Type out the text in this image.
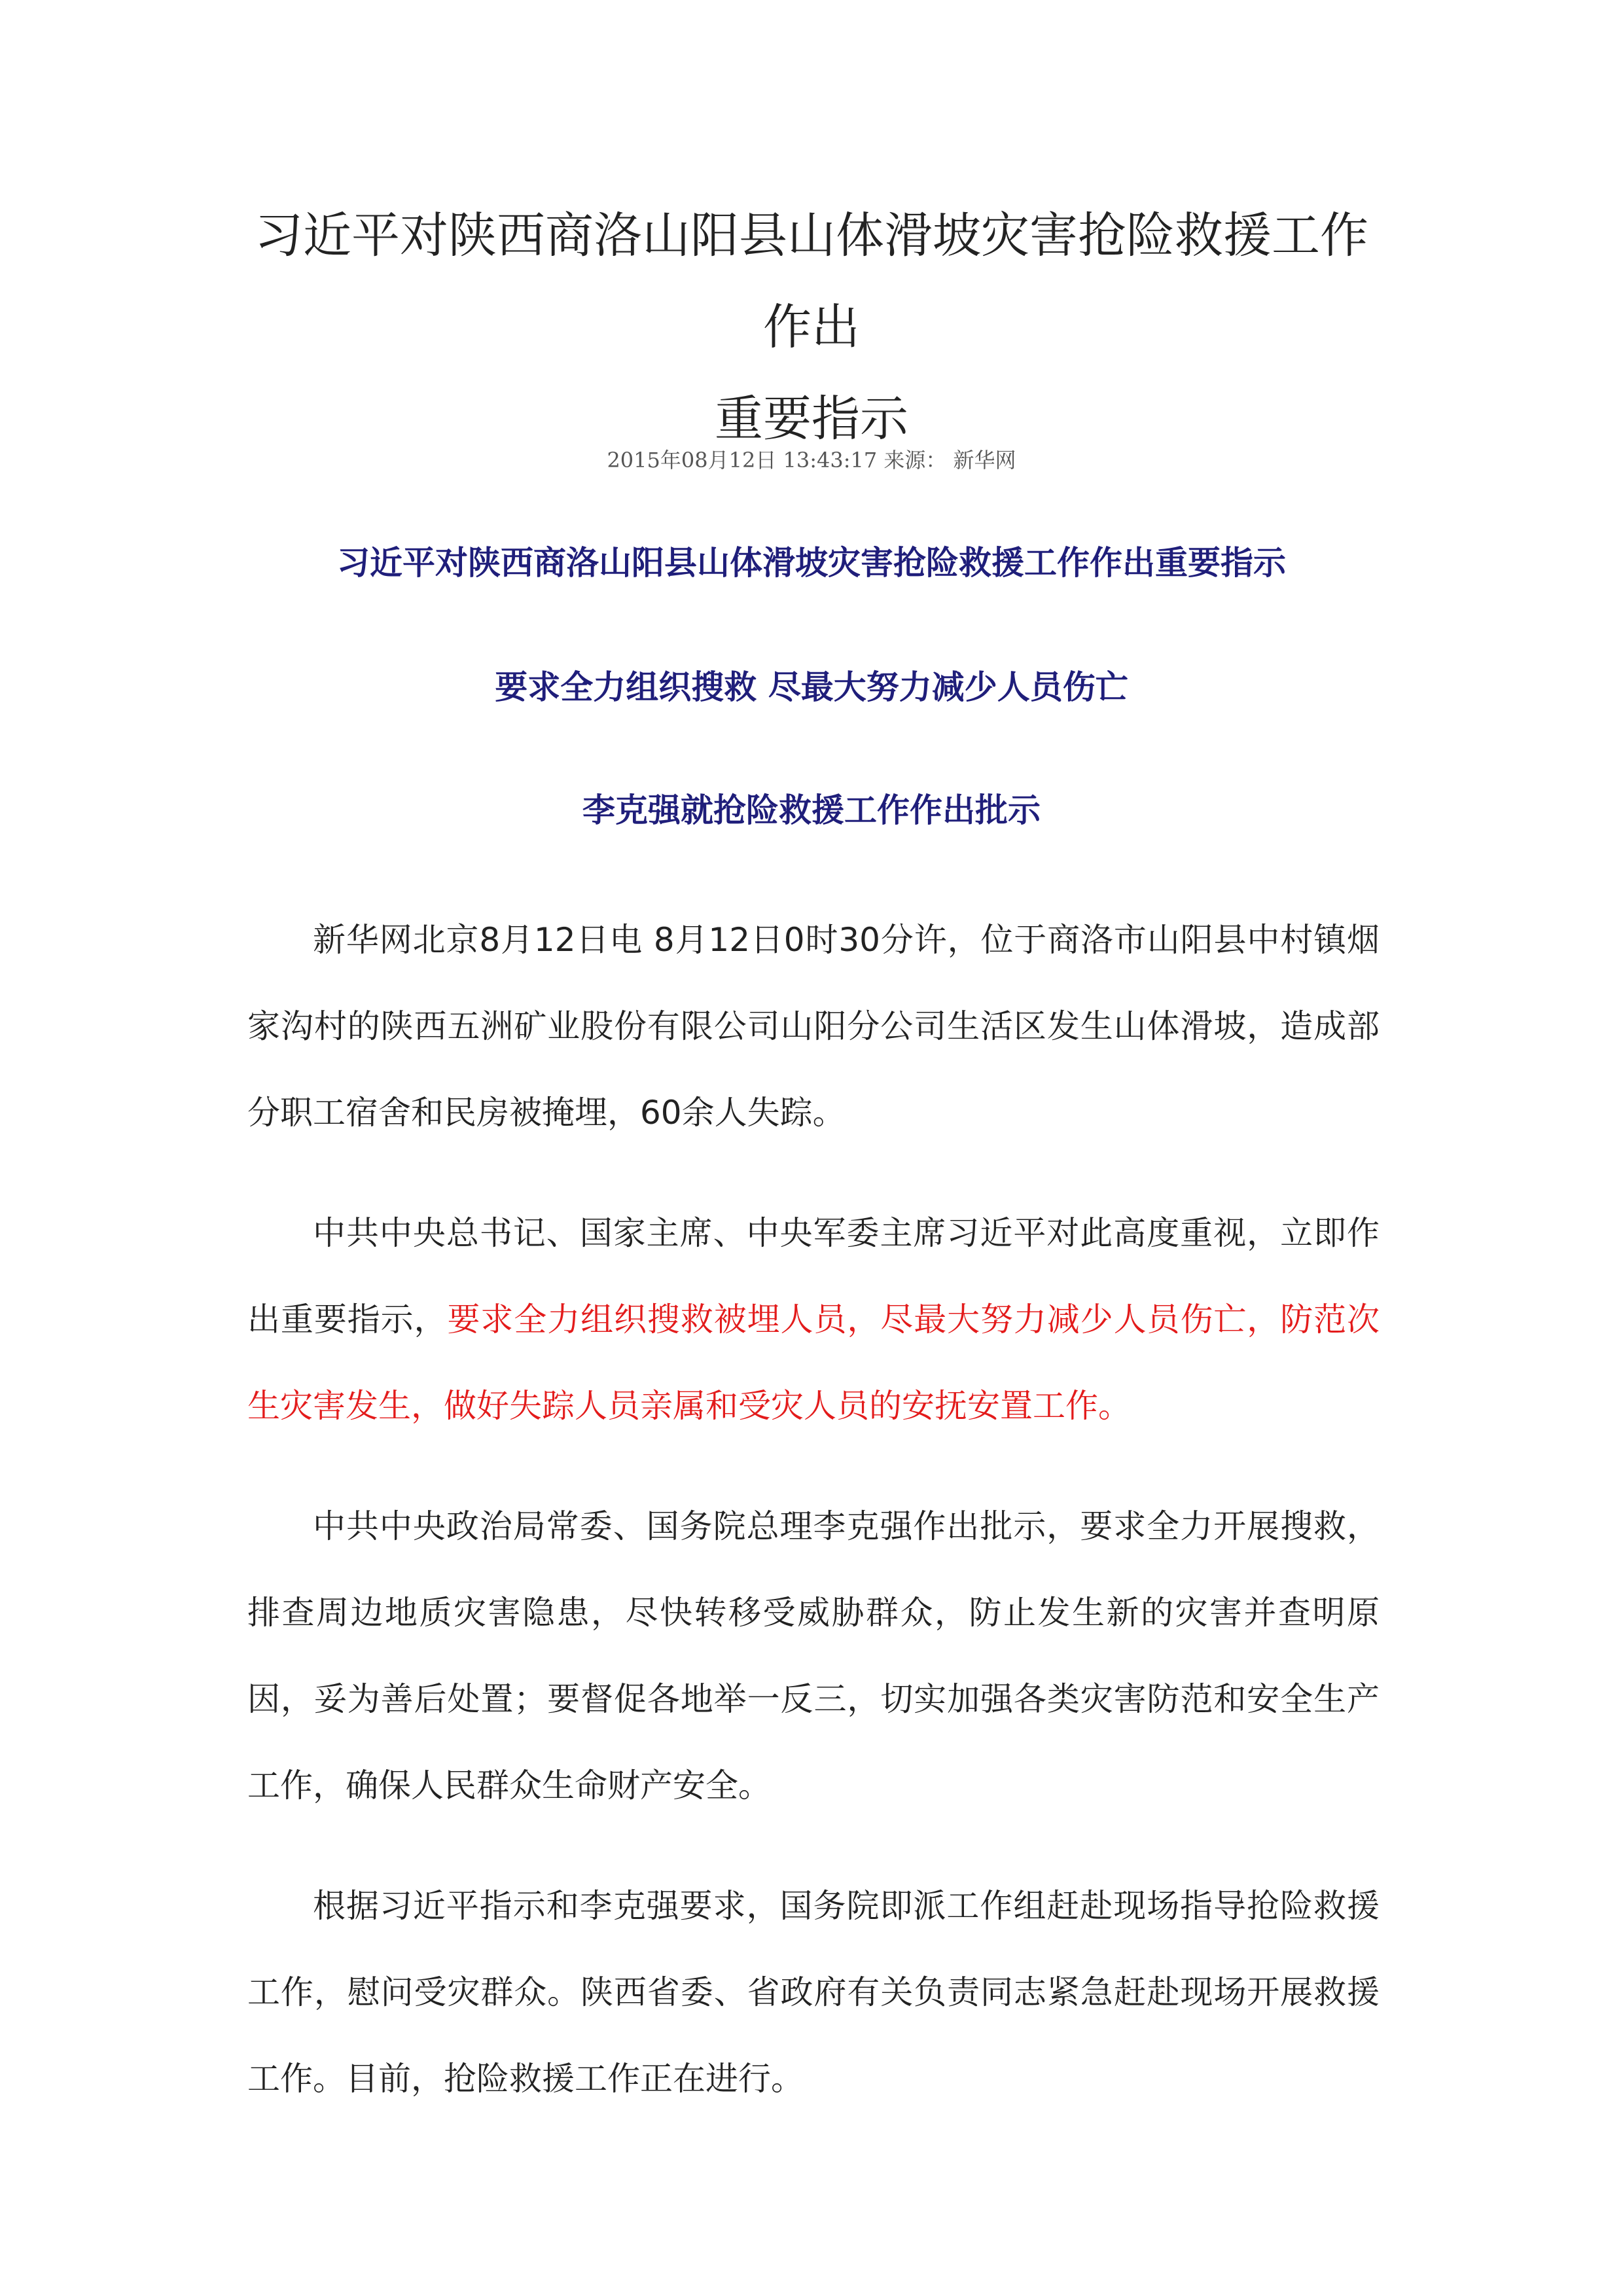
习近平对陕西商洛山阳县山体滑坡灾害抢险救援工作作出
重要指示
2015年08月12日 13:43:17 来源： 新华网
习近平对陕西商洛山阳县山体滑坡灾害抢险救援工作作出重要指示
要求全力组织搜救 尽最大努力减少人员伤亡
李克强就抢险救援工作作出批示

新华网北京8月12日电 8月12日0时30分许，位于商洛市山阳县中村镇烟家沟村的陕西五洲矿业股份有限公司山阳分公司生活区发生山体滑坡，造成部分职工宿舍和民房被掩埋，60余人失踪。

中共中央总书记、国家主席、中央军委主席习近平对此高度重视，立即作出重要指示，要求全力组织搜救被埋人员，尽最大努力减少人员伤亡，防范次生灾害发生，做好失踪人员亲属和受灾人员的安抚安置工作。

中共中央政治局常委、国务院总理李克强作出批示，要求全力开展搜救，排查周边地质灾害隐患，尽快转移受威胁群众，防止发生新的灾害并查明原因，妥为善后处置；要督促各地举一反三，切实加强各类灾害防范和安全生产工作，确保人民群众生命财产安全。

根据习近平指示和李克强要求，国务院即派工作组赶赴现场指导抢险救援工作，慰问受灾群众。陕西省委、省政府有关负责同志紧急赶赴现场开展救援工作。目前，抢险救援工作正在进行。
